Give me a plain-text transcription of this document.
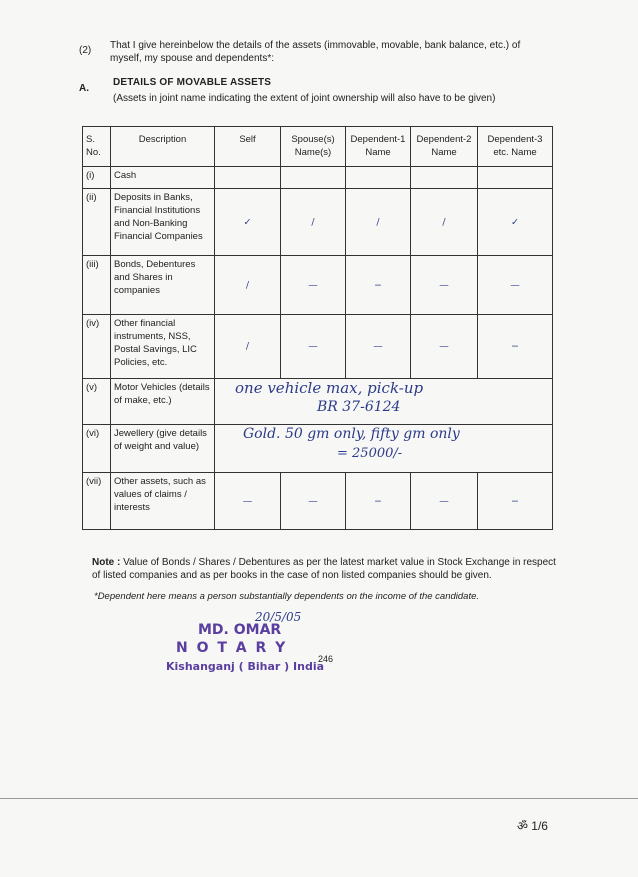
(2) That I give hereinbelow the details of the assets (immovable, movable, bank balance, etc.) of myself, my spouse and dependents*:
A.
DETAILS OF MOVABLE ASSETS
(Assets in joint name indicating the extent of joint ownership will also have to be given)
S. No.	Description	Self	Spouse(s) Name(s)	Dependent-1 Name	Dependent-2 Name	Dependent-3 etc. Name
(i)	Cash					
(ii)	Deposits in Banks, Financial Institutions and Non-Banking Financial Companies	✓	/	/	/	✓
(iii)	Bonds, Debentures and Shares in companies	/	—	−	—	—
(iv)	Other financial instruments, NSS, Postal Savings, LIC Policies, etc.	/	—	—	—	−
(v)	Motor Vehicles (details of make, etc.)	one vehicle max, pick-up
BR 37-6124				

(vi)	Jewellery (give details of weight and value)	Gold. 50 gm only, fifty gm only
= 25000/-				

(vii)	Other assets, such as values of claims / interests	—	—	−	—	−
Note : Value of Bonds / Shares / Debentures as per the latest market value in Stock Exchange in respect of listed companies and as per books in the case of non listed companies should be given.
*Dependent here means a person substantially dependents on the income of the candidate.
MD. OMAR
20/5/05
N O T A R Y
Kishanganj ( Bihar ) India
246
ॐ 1/6
